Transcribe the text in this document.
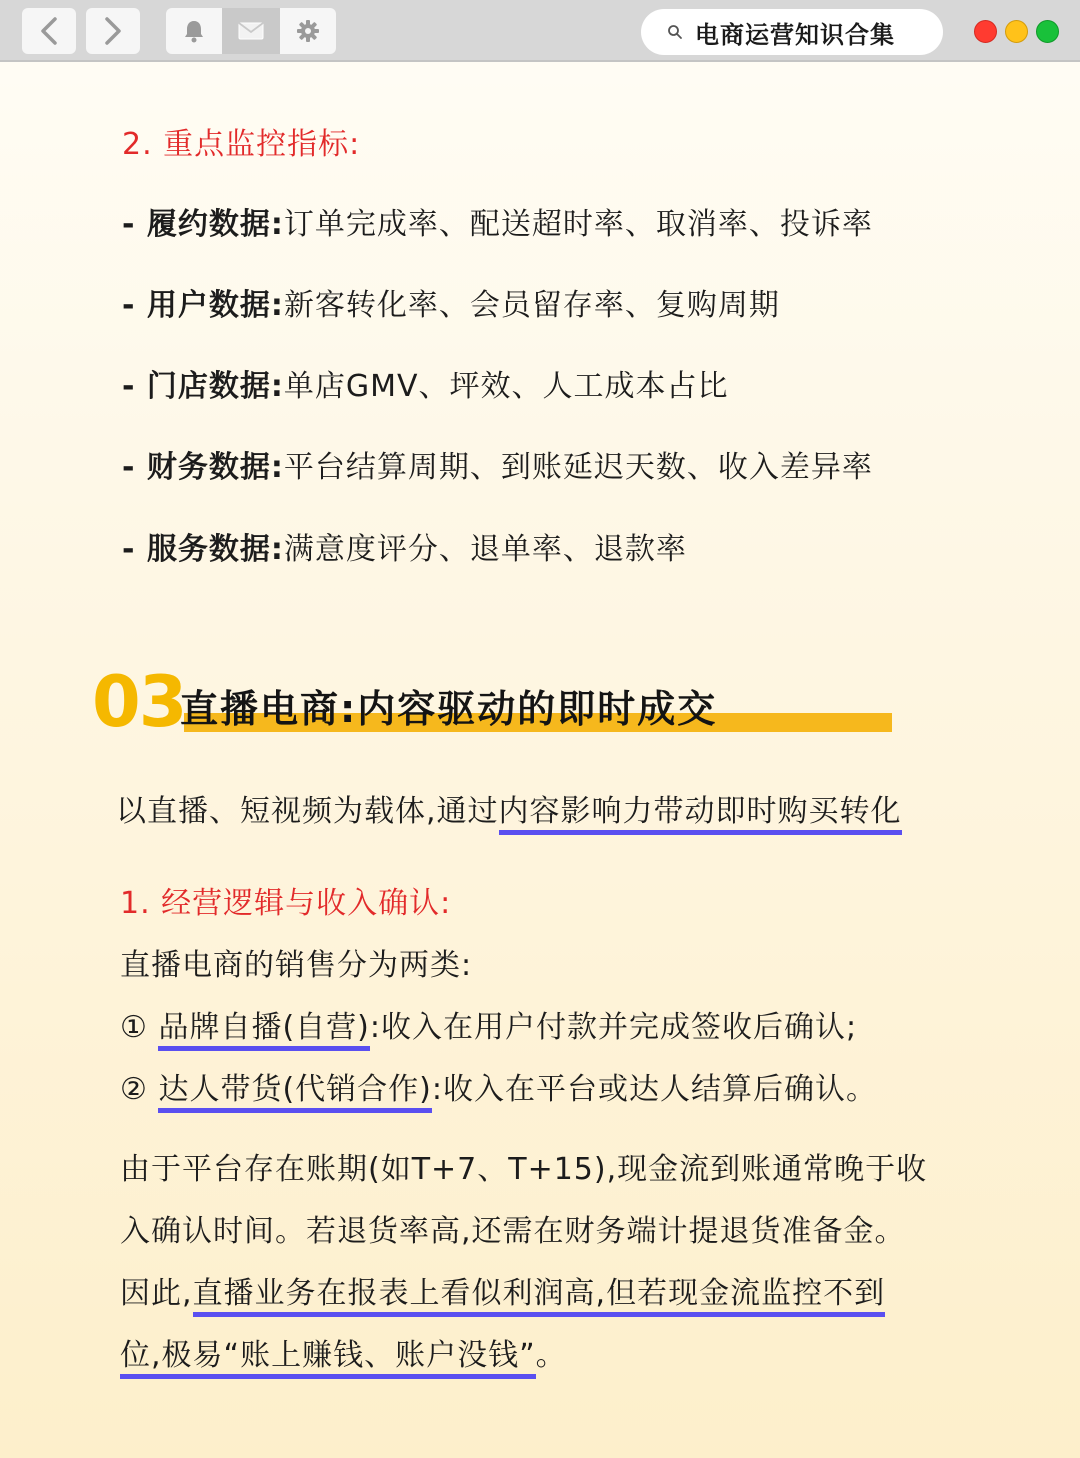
电商运营知识合集
2. 重点监控指标:
- 履约数据:订单完成率、配送超时率、取消率、投诉率
- 用户数据:新客转化率、会员留存率、复购周期
- 门店数据:单店GMV、坪效、人工成本占比
- 财务数据:平台结算周期、到账延迟天数、收入差异率
- 服务数据:满意度评分、退单率、退款率
03
直播电商:内容驱动的即时成交
以直播、短视频为载体,通过内容影响力带动即时购买转化
1. 经营逻辑与收入确认:
直播电商的销售分为两类:
① 品牌自播(自营):收入在用户付款并完成签收后确认;
② 达人带货(代销合作):收入在平台或达人结算后确认。
由于平台存在账期(如T+7、T+15),现金流到账通常晚于收
入确认时间。若退货率高,还需在财务端计提退货准备金。
因此,直播业务在报表上看似利润高,但若现金流监控不到
位,极易“账上赚钱、账户没钱”。
